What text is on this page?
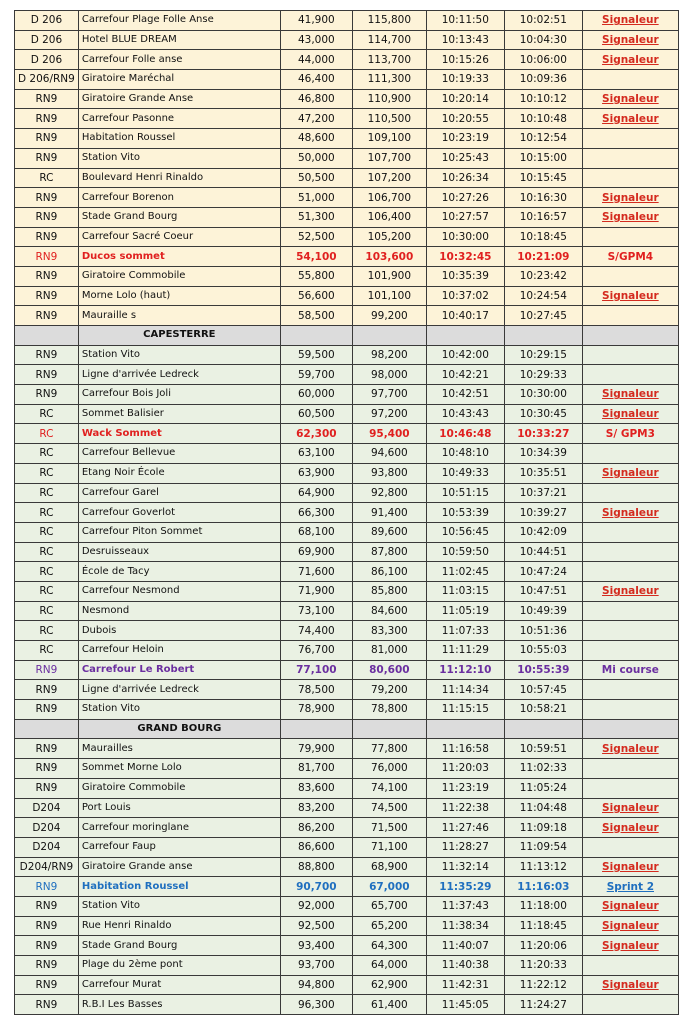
D 206	Carrefour Plage Folle Anse	41,900	115,800	10:11:50	10:02:51	Signaleur
D 206	Hotel BLUE DREAM	43,000	114,700	10:13:43	10:04:30	Signaleur
D 206	Carrefour Folle anse	44,000	113,700	10:15:26	10:06:00	Signaleur
D 206/RN9	Giratoire Maréchal	46,400	111,300	10:19:33	10:09:36	
RN9	Giratoire Grande Anse	46,800	110,900	10:20:14	10:10:12	Signaleur
RN9	Carrefour Pasonne	47,200	110,500	10:20:55	10:10:48	Signaleur
RN9	Habitation Roussel	48,600	109,100	10:23:19	10:12:54	
RN9	Station Vito	50,000	107,700	10:25:43	10:15:00	
RC	Boulevard Henri Rinaldo	50,500	107,200	10:26:34	10:15:45	
RN9	Carrefour Borenon	51,000	106,700	10:27:26	10:16:30	Signaleur
RN9	Stade Grand Bourg	51,300	106,400	10:27:57	10:16:57	Signaleur
RN9	Carrefour Sacré Coeur	52,500	105,200	10:30:00	10:18:45	
RN9	Ducos sommet	54,100	103,600	10:32:45	10:21:09	S/GPM4
RN9	Giratoire Commobile	55,800	101,900	10:35:39	10:23:42	
RN9	Morne Lolo (haut)	56,600	101,100	10:37:02	10:24:54	Signaleur
RN9	Mauraille s	58,500	99,200	10:40:17	10:27:45	
	CAPESTERRE					
RN9	Station Vito	59,500	98,200	10:42:00	10:29:15	
RN9	Ligne d'arrivée Ledreck	59,700	98,000	10:42:21	10:29:33	
RN9	Carrefour Bois Joli	60,000	97,700	10:42:51	10:30:00	Signaleur
RC	Sommet Balisier	60,500	97,200	10:43:43	10:30:45	Signaleur
RC	Wack Sommet	62,300	95,400	10:46:48	10:33:27	S/ GPM3
RC	Carrefour Bellevue	63,100	94,600	10:48:10	10:34:39	
RC	Etang Noir École	63,900	93,800	10:49:33	10:35:51	Signaleur
RC	Carrefour Garel	64,900	92,800	10:51:15	10:37:21	
RC	Carrefour Goverlot	66,300	91,400	10:53:39	10:39:27	Signaleur
RC	Carrefour Piton Sommet	68,100	89,600	10:56:45	10:42:09	
RC	Desruisseaux	69,900	87,800	10:59:50	10:44:51	
RC	École de Tacy	71,600	86,100	11:02:45	10:47:24	
RC	Carrefour Nesmond	71,900	85,800	11:03:15	10:47:51	Signaleur
RC	Nesmond	73,100	84,600	11:05:19	10:49:39	
RC	Dubois	74,400	83,300	11:07:33	10:51:36	
RC	Carrefour Heloin	76,700	81,000	11:11:29	10:55:03	
RN9	Carrefour Le Robert	77,100	80,600	11:12:10	10:55:39	Mi course
RN9	Ligne d'arrivée Ledreck	78,500	79,200	11:14:34	10:57:45	
RN9	Station Vito	78,900	78,800	11:15:15	10:58:21	
	GRAND BOURG					
RN9	Maurailles	79,900	77,800	11:16:58	10:59:51	Signaleur
RN9	Sommet Morne Lolo	81,700	76,000	11:20:03	11:02:33	
RN9	Giratoire Commobile	83,600	74,100	11:23:19	11:05:24	
D204	Port Louis	83,200	74,500	11:22:38	11:04:48	Signaleur
D204	Carrefour moringlane	86,200	71,500	11:27:46	11:09:18	Signaleur
D204	Carrefour Faup	86,600	71,100	11:28:27	11:09:54	
D204/RN9	Giratoire Grande anse	88,800	68,900	11:32:14	11:13:12	Signaleur
RN9	Habitation Roussel	90,700	67,000	11:35:29	11:16:03	Sprint 2
RN9	Station Vito	92,000	65,700	11:37:43	11:18:00	Signaleur
RN9	Rue Henri Rinaldo	92,500	65,200	11:38:34	11:18:45	Signaleur
RN9	Stade Grand Bourg	93,400	64,300	11:40:07	11:20:06	Signaleur
RN9	Plage du 2ème pont	93,700	64,000	11:40:38	11:20:33	
RN9	Carrefour Murat	94,800	62,900	11:42:31	11:22:12	Signaleur
RN9	R.B.I Les Basses	96,300	61,400	11:45:05	11:24:27	
